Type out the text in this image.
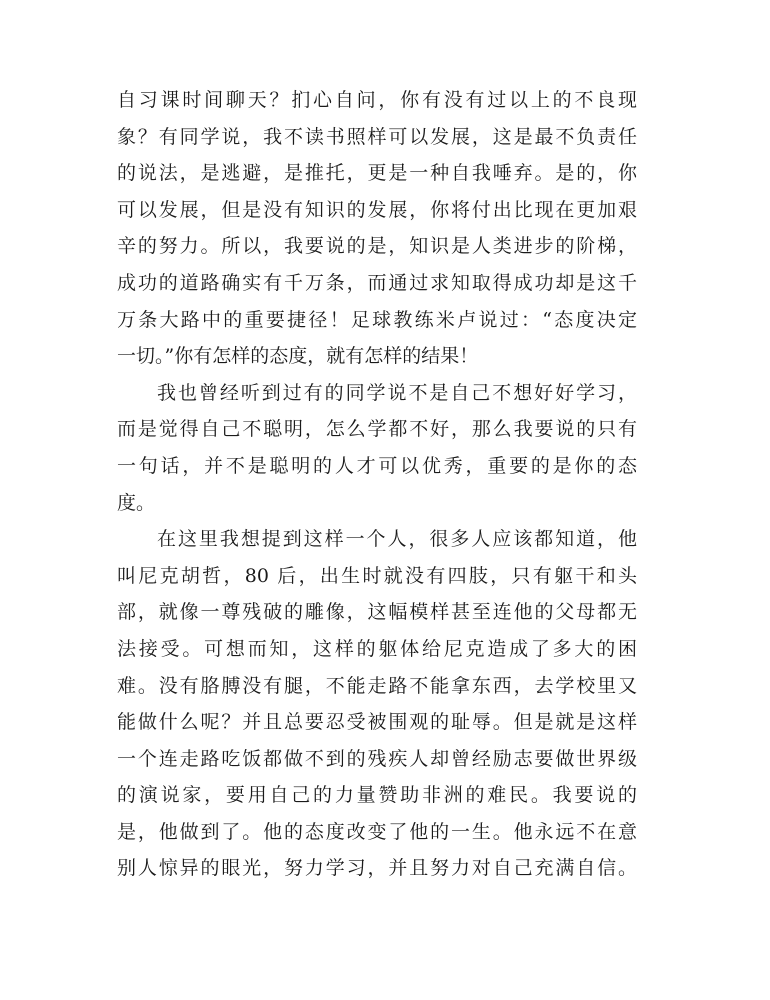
自习课时间聊天？扪心自问，你有没有过以上的不良现
象？有同学说，我不读书照样可以发展，这是最不负责任
的说法，是逃避，是推托，更是一种自我唾弃。是的，你
可以发展，但是没有知识的发展，你将付出比现在更加艰
辛的努力。所以，我要说的是，知识是人类进步的阶梯，
成功的道路确实有千万条，而通过求知取得成功却是这千
万条大路中的重要捷径！足球教练米卢说过：“态度决定
一切。”你有怎样的态度，就有怎样的结果！
我也曾经听到过有的同学说不是自己不想好好学习，
而是觉得自己不聪明，怎么学都不好，那么我要说的只有
一句话，并不是聪明的人才可以优秀，重要的是你的态
度。
在这里我想提到这样一个人，很多人应该都知道，他
叫尼克胡哲，80 后，出生时就没有四肢，只有躯干和头
部，就像一尊残破的雕像，这幅模样甚至连他的父母都无
法接受。可想而知，这样的躯体给尼克造成了多大的困
难。没有胳膊没有腿，不能走路不能拿东西，去学校里又
能做什么呢？并且总要忍受被围观的耻辱。但是就是这样
一个连走路吃饭都做不到的残疾人却曾经励志要做世界级
的演说家，要用自己的力量赞助非洲的难民。我要说的
是，他做到了。他的态度改变了他的一生。他永远不在意
别人惊异的眼光，努力学习，并且努力对自己充满自信。
